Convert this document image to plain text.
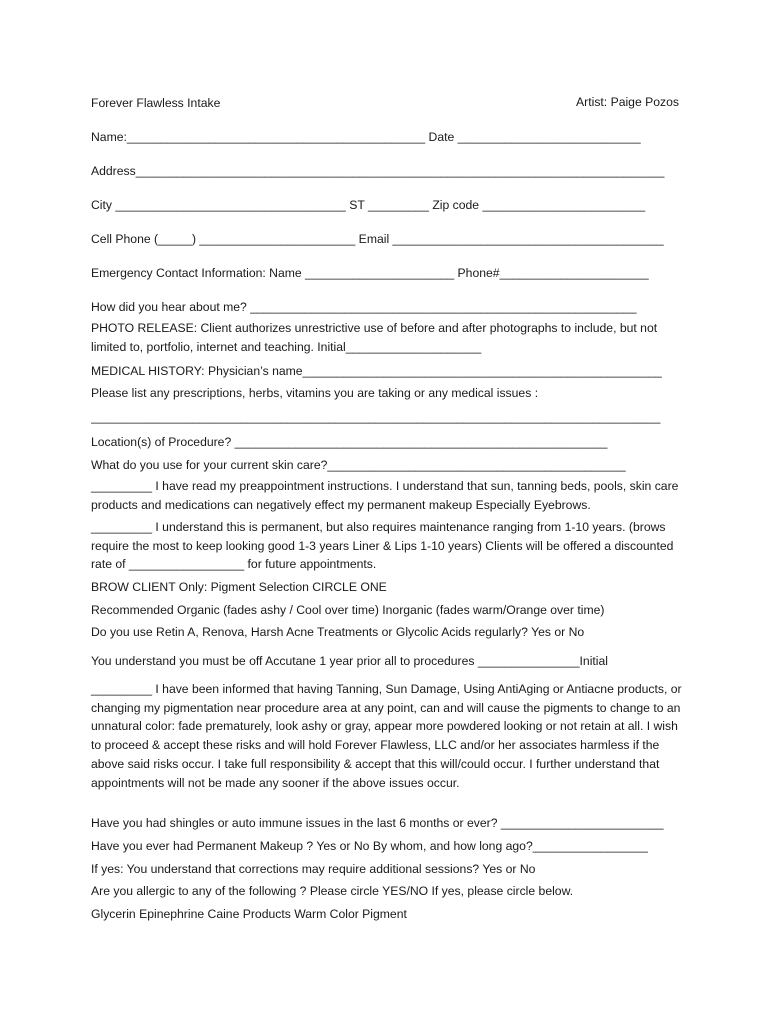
Forever Flawless Intake	Artist: Paige Pozos
Name:____________________________________________ Date ___________________________
Address______________________________________________________________________________
City __________________________________ ST _________ Zip code ________________________
Cell Phone (_____) _______________________ Email ________________________________________
Emergency Contact Information: Name ______________________ Phone#______________________
How did you hear about me? _________________________________________________________
PHOTO RELEASE: Client authorizes unrestrictive use of before and after photographs to include, but not limited to, portfolio, internet and teaching. Initial____________________
MEDICAL HISTORY: Physician’s name_____________________________________________________
Please list any prescriptions, herbs, vitamins you are taking or any medical issues :
____________________________________________________________________________________
Location(s) of Procedure? _______________________________________________________
What do you use for your current skin care?____________________________________________
_________ I have read my preappointment instructions. I understand that sun, tanning beds, pools, skin care products and medications can negatively effect my permanent makeup Especially Eyebrows.
_________ I understand this is permanent, but also requires maintenance ranging from 1-10 years. (brows require the most to keep looking good 1-3 years Liner & Lips 1-10 years) Clients will be offered a discounted rate of _________________ for future appointments.
BROW CLIENT Only: Pigment Selection CIRCLE ONE
Recommended Organic (fades ashy / Cool over time) Inorganic (fades warm/Orange over time)
Do you use Retin A, Renova, Harsh Acne Treatments or Glycolic Acids regularly? Yes or No
You understand you must be off Accutane 1 year prior all to procedures _______________Initial
_________ I have been informed that having Tanning, Sun Damage, Using AntiAging or Antiacne products, or changing my pigmentation near procedure area at any point, can and will cause the pigments to change to an unnatural color: fade prematurely, look ashy or gray, appear more powdered looking or not retain at all. I wish to proceed & accept these risks and will hold Forever Flawless, LLC and/or her associates harmless if the above said risks occur. I take full responsibility & accept that this will/could occur. I further understand that appointments will not be made any sooner if the above issues occur.
Have you had shingles or auto immune issues in the last 6 months or ever? ________________________
Have you ever had Permanent Makeup ? Yes or No By whom, and how long ago?_________________
If yes: You understand that corrections may require additional sessions? Yes or No
Are you allergic to any of the following ? Please circle YES/NO If yes, please circle below.
Glycerin Epinephrine Caine Products Warm Color Pigment
